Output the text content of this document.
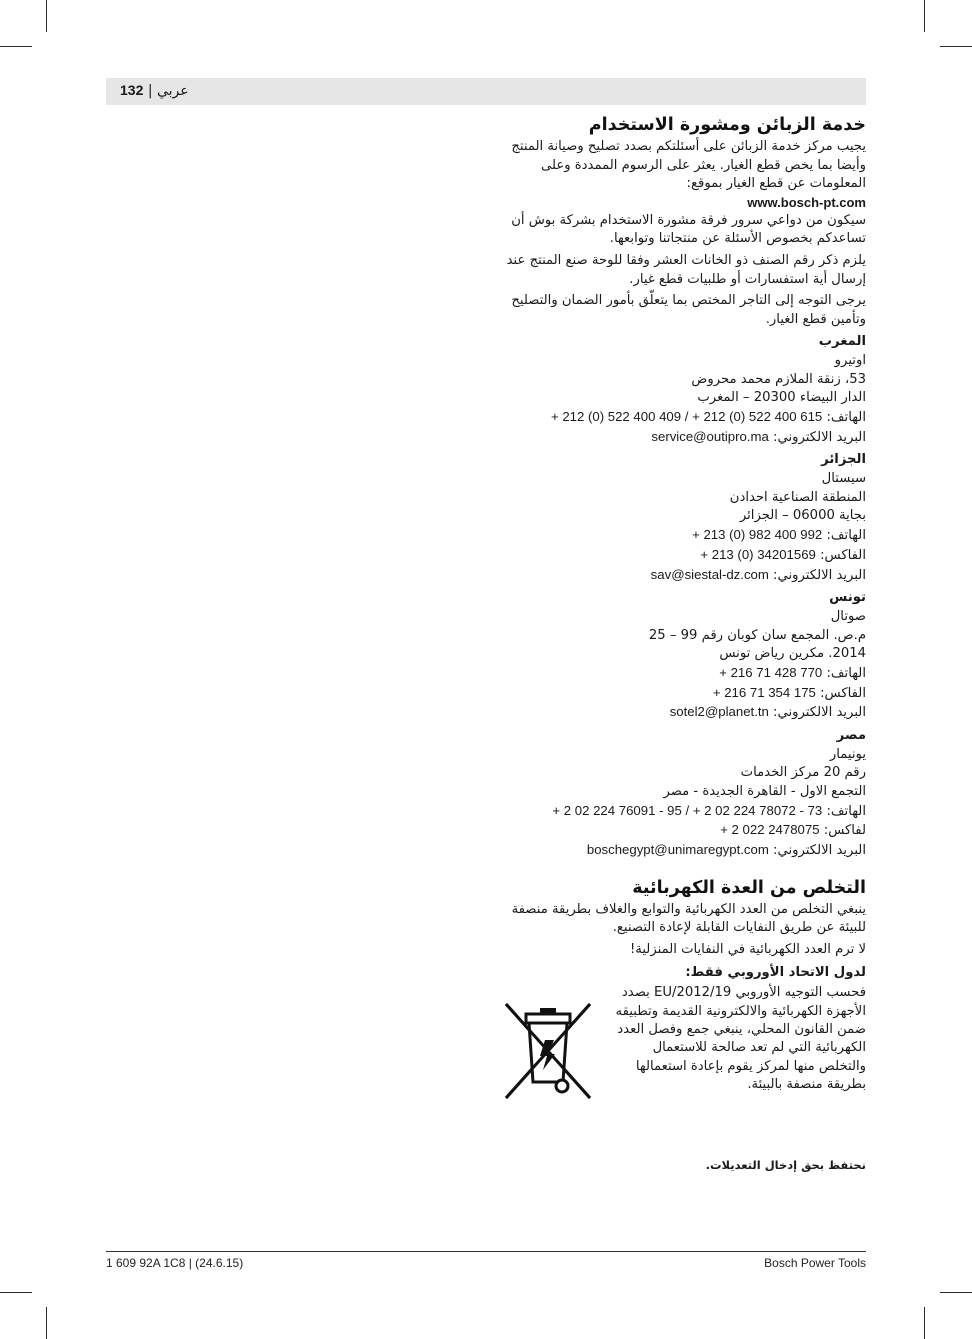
132 | عربي
خدمة الزبائن ومشورة الاستخدام

يجيب مركز خدمة الزبائن على أسئلتكم بصدد تصليح وصيانة المنتج وأيضا بما يخص قطع الغيار. يعثر على الرسوم الممددة وعلى المعلومات عن قطع الغيار بموقع:

www.bosch-pt.com

سيكون من دواعي سرور فرقة مشورة الاستخدام بشركة بوش أن تساعدكم بخصوص الأسئلة عن منتجاتنا وتوابعها.

يلزم ذكر رقم الصنف ذو الخانات العشر وفقا للوحة صنع المنتج عند إرسال أية استفسارات أو طلبيات قطع غيار.

يرجى التوجه إلى التاجر المختص بما يتعلّق بأمور الضمان والتصليح وتأمين قطع الغيار.

المغرب
اوتيرو
53، زنقة الملازم محمد محروض
الدار البيضاء 20300 – المغرب
الهاتف: + 212 (0) 522 400 409 / + 212 (0) 522 400 615
البريد الالكتروني: service@outipro.ma
الجزائر
سيستال
المنطقة الصناعية احدادن
بجاية 06000 – الجزائر
الهاتف: + 213 (0) 982 400 992
الفاكس: + 213 (0) 34201569
البريد الالكتروني: sav@siestal-dz.com
تونس
صوتال
م.ص. المجمع سان كوبان رقم 99 – 25
2014. مكرين رياض تونس
الهاتف: + 216 71 428 770
الفاكس: + 216 71 354 175
البريد الالكتروني: sotel2@planet.tn
مصر
يونيمار
رقم 20 مركز الخدمات
التجمع الاول - القاهرة الجديدة - مصر
الهاتف: + 2 02 224 76091 - 95 / + 2 02 224 78072 - 73
لفاكس: + 2 022 2478075
البريد الالكتروني: boschegypt@unimaregypt.com
التخلص من العدة الكهربائية

ينبغي التخلص من العدد الكهربائية والتوابع والغلاف بطريقة منصفة للبيئة عن طريق النفايات القابلة لإعادة التصنيع.

لا ترم العدد الكهربائية في النفايات المنزلية!

لدول الاتحاد الأوروبي فقط:
فحسب التوجيه الأوروبي 2012/19/EU بصدد الأجهزة الكهربائية والالكترونية القديمة وتطبيقه ضمن القانون المحلي، ينبغي جمع وفصل العدد الكهربائية التي لم تعد صالحة للاستعمال والتخلص منها لمركز يقوم بإعادة استعمالها بطريقة منصفة بالبيئة.
نحتفظ بحق إدخال التعديلات.
1 609 92A 1C8 | (24.6.15)	Bosch Power Tools
